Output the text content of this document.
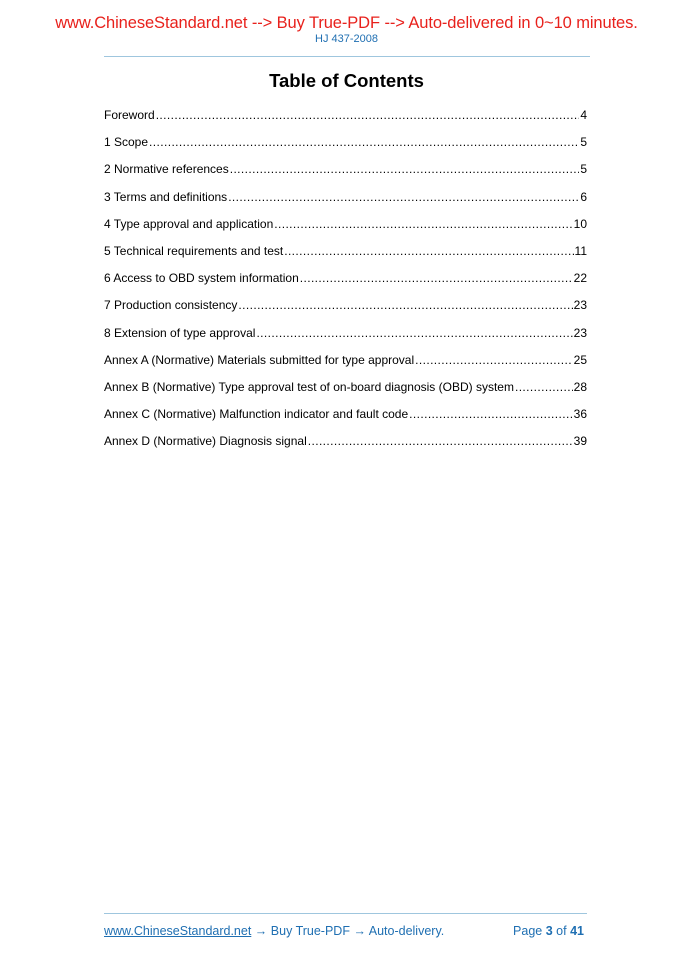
www.ChineseStandard.net --> Buy True-PDF --> Auto-delivered in 0~10 minutes.
HJ 437-2008
Table of Contents
Foreword .....	4
1 Scope .....	5
2 Normative references .....	5
3 Terms and definitions .....	6
4 Type approval and application .....	10
5 Technical requirements and test .....	11
6 Access to OBD system information .....	22
7 Production consistency .....	23
8 Extension of type approval .....	23
Annex A (Normative) Materials submitted for type approval .....	25
Annex B (Normative) Type approval test of on-board diagnosis (OBD) system .....	28
Annex C (Normative) Malfunction indicator and fault code .....	36
Annex D (Normative) Diagnosis signal .....	39
www.ChineseStandard.net → Buy True-PDF → Auto-delivery.	Page 3 of 41
